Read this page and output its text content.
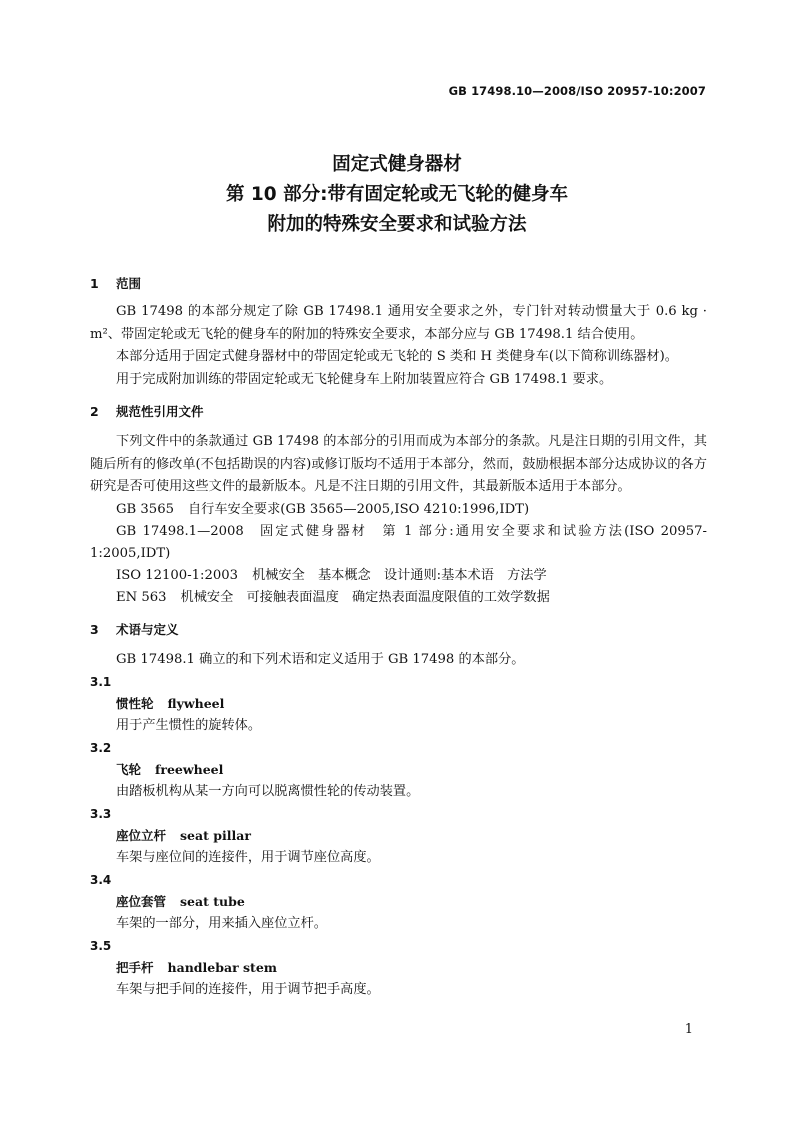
GB 17498.10—2008/ISO 20957-10:2007
固定式健身器材
第 10 部分:带有固定轮或无飞轮的健身车
附加的特殊安全要求和试验方法
1 范围
GB 17498 的本部分规定了除 GB 17498.1 通用安全要求之外，专门针对转动惯量大于 0.6 kg · m²、带固定轮或无飞轮的健身车的附加的特殊安全要求，本部分应与 GB 17498.1 结合使用。
本部分适用于固定式健身器材中的带固定轮或无飞轮的 S 类和 H 类健身车(以下简称训练器材)。
用于完成附加训练的带固定轮或无飞轮健身车上附加装置应符合 GB 17498.1 要求。
2 规范性引用文件
下列文件中的条款通过 GB 17498 的本部分的引用而成为本部分的条款。凡是注日期的引用文件，其随后所有的修改单(不包括勘误的内容)或修订版均不适用于本部分，然而，鼓励根据本部分达成协议的各方研究是否可使用这些文件的最新版本。凡是不注日期的引用文件，其最新版本适用于本部分。
GB 3565 自行车安全要求(GB 3565—2005,ISO 4210:1996,IDT)
GB 17498.1—2008 固定式健身器材　第 1 部分:通用安全要求和试验方法(ISO 20957-1:2005,IDT)
ISO 12100-1:2003 机械安全　基本概念　设计通则:基本术语　方法学
EN 563 机械安全　可接触表面温度　确定热表面温度限值的工效学数据
3 术语与定义
GB 17498.1 确立的和下列术语和定义适用于 GB 17498 的本部分。
3.1
惯性轮 flywheel
用于产生惯性的旋转体。
3.2
飞轮 freewheel
由踏板机构从某一方向可以脱离惯性轮的传动装置。
3.3
座位立杆 seat pillar
车架与座位间的连接件，用于调节座位高度。
3.4
座位套管 seat tube
车架的一部分，用来插入座位立杆。
3.5
把手杆 handlebar stem
车架与把手间的连接件，用于调节把手高度。
1
